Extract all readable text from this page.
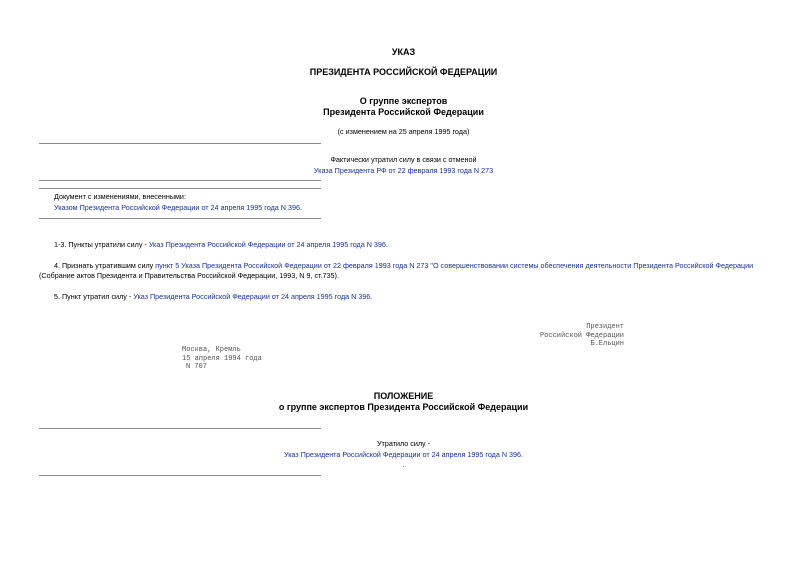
УКАЗ
ПРЕЗИДЕНТА РОССИЙСКОЙ ФЕДЕРАЦИИ
О группе экспертов
Президента Российской Федерации
(с изменением на 25 апреля 1995 года)
Фактически утратил силу в связи с отменой
Указа Президента РФ от 22 февраля 1993 года N 273
Документ с изменениями, внесенными:
Указом Президента Российской Федерации от 24 апреля 1995 года N 396.
1-3. Пункты утратили силу - Указ Президента Российской Федерации от 24 апреля 1995 года N 396.
4. Признать утратившим силу пункт 5 Указа Президента Российской Федерации от 22 февраля 1993 года N 273 "О совершенствовании системы обеспечения деятельности Президента Российской Федерации
(Собрание актов Президента и Правительства Российской Федерации, 1993, N 9, ст.735).
5. Пункт утратил силу - Указ Президента Российской Федерации от 24 апреля 1995 года N 396.
Президент
Российской Федерации
Б.Ельцин
Москва, Кремль
15 апреля 1994 года
N 707
ПОЛОЖЕНИЕ
о группе экспертов Президента Российской Федерации
Утратило силу -
Указ Президента Российской Федерации от 24 апреля 1995 года N 396.
.
